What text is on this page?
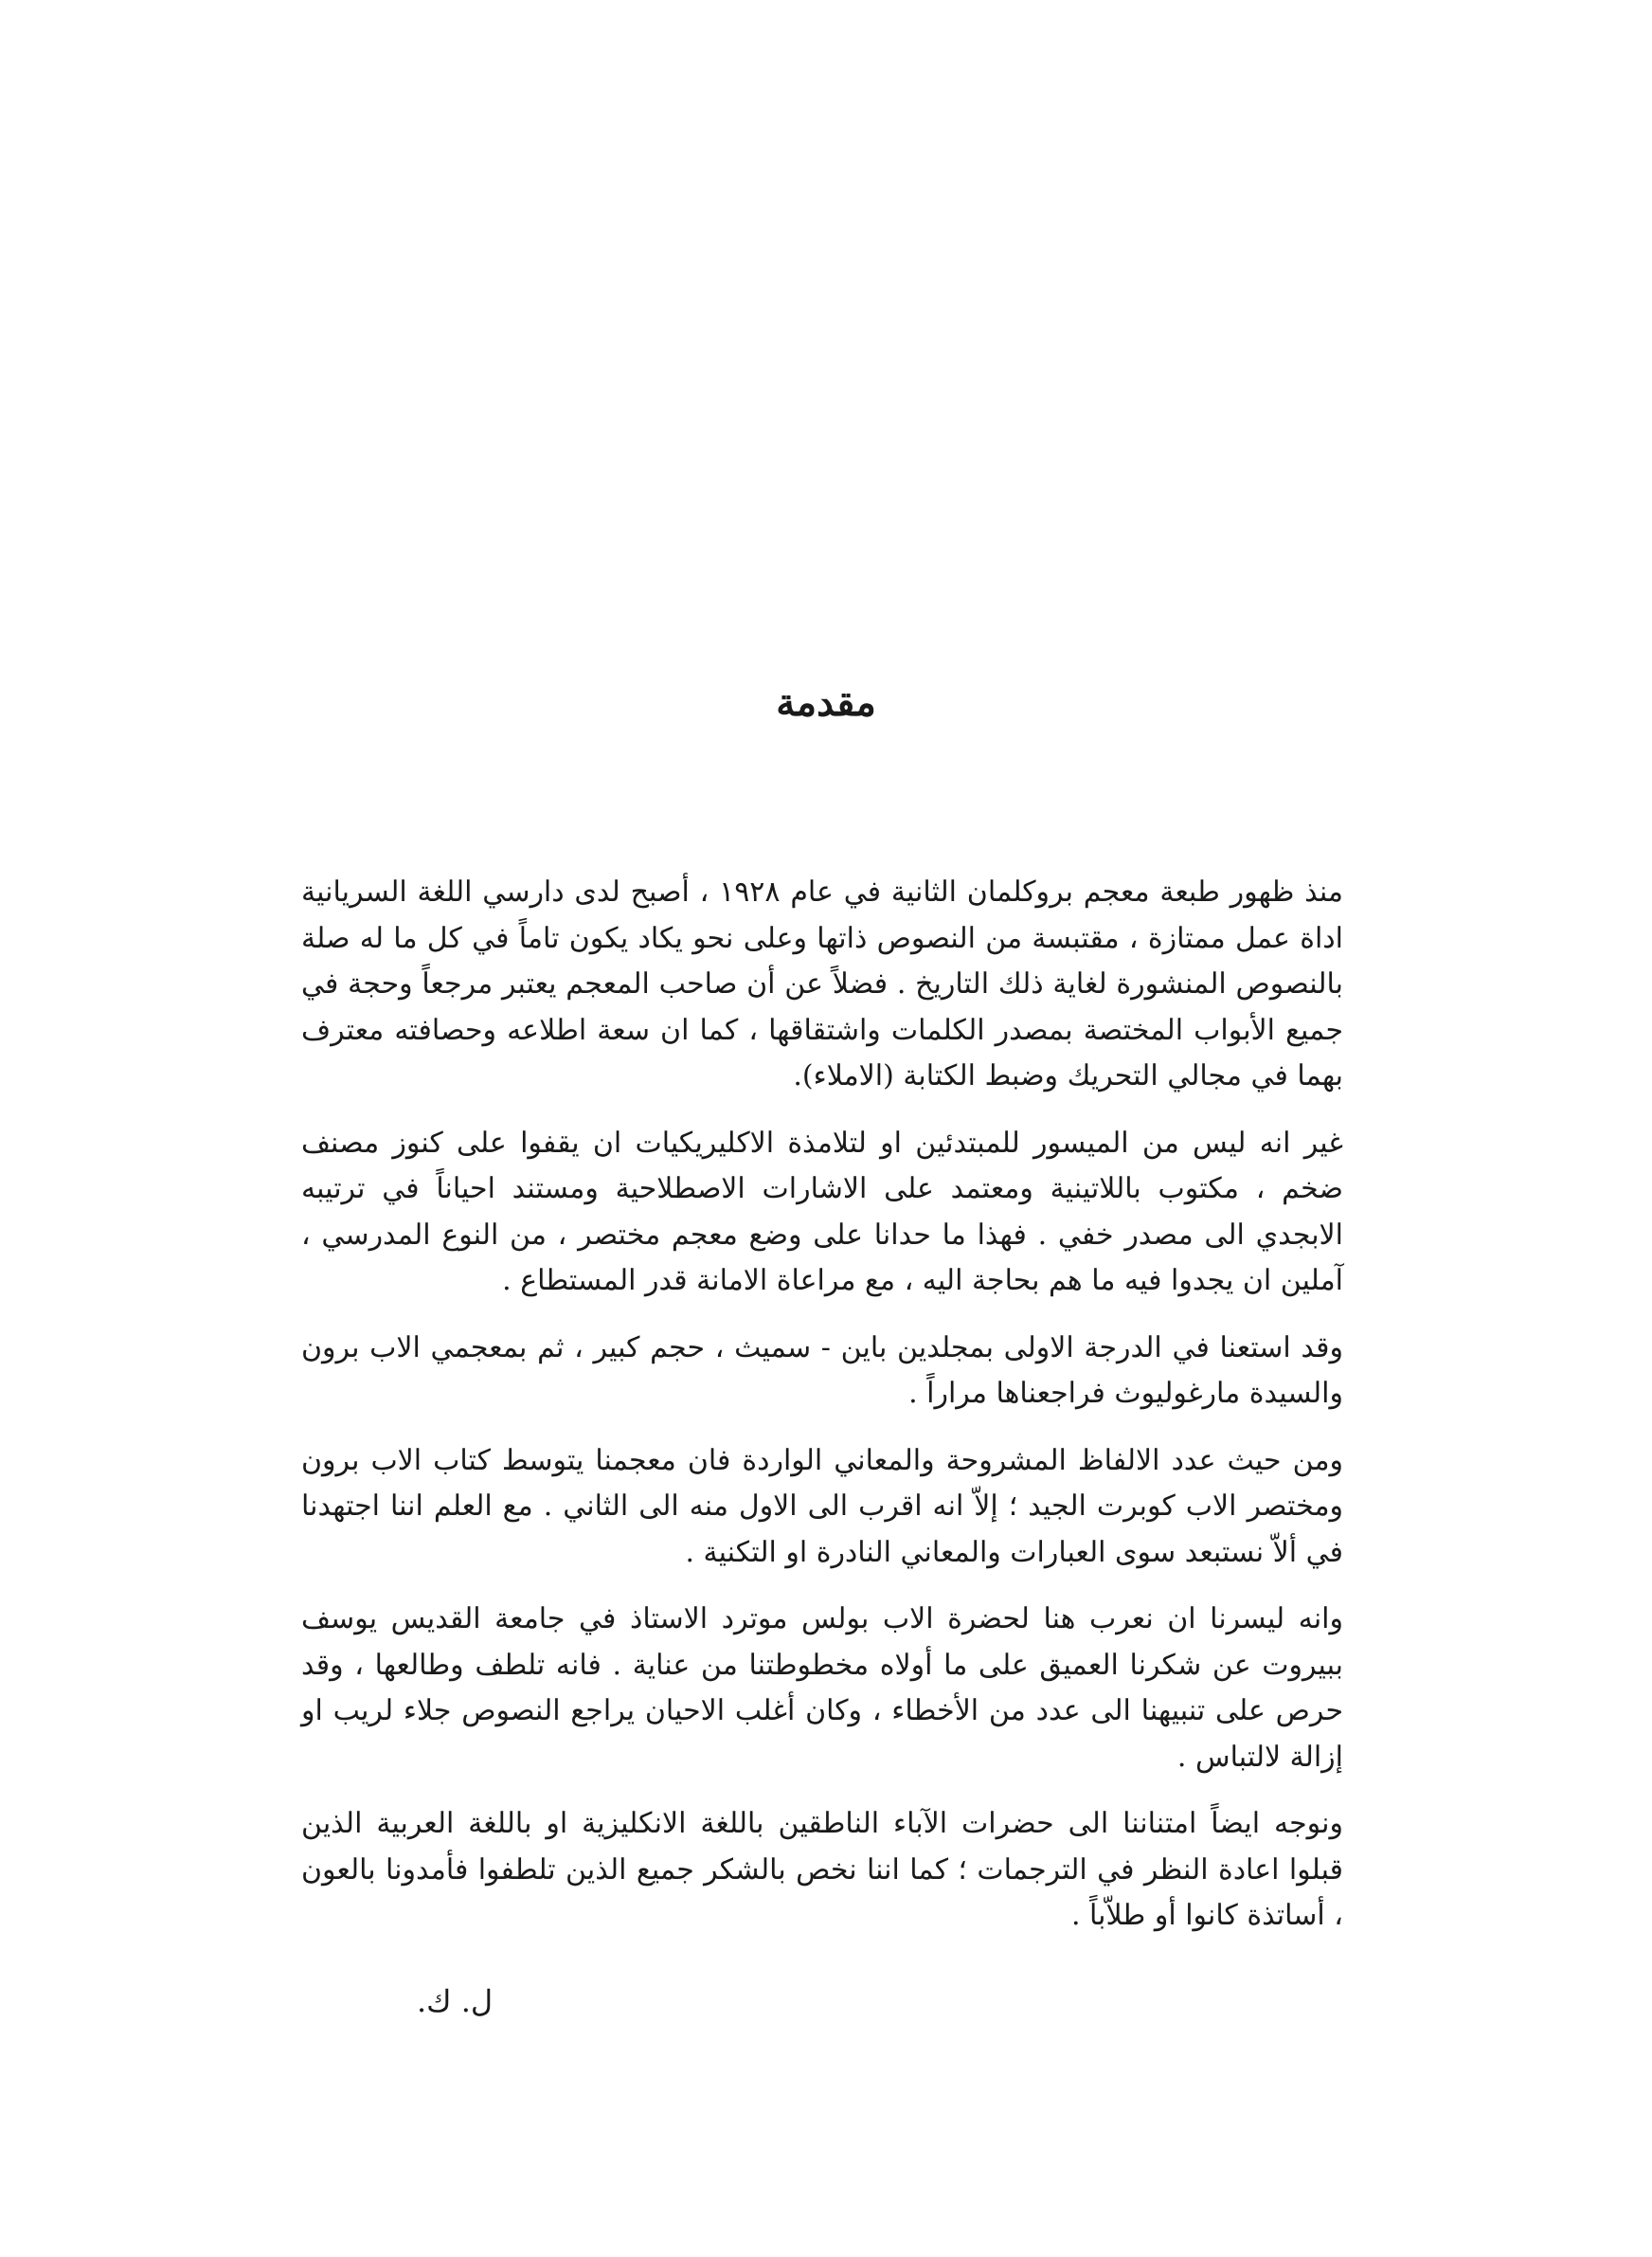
مقدمة

منذ ظهور طبعة معجم بروكلمان الثانية في عام ١٩٢٨ ، أصبح لدى دارسي اللغة السريانية اداة عمل ممتازة ، مقتبسة من النصوص ذاتها وعلى نحو يكاد يكون تاماً في كل ما له صلة بالنصوص المنشورة لغاية ذلك التاريخ . فضلاً عن أن صاحب المعجم يعتبر مرجعاً وحجة في جميع الأبواب المختصة بمصدر الكلمات واشتقاقها ، كما ان سعة اطلاعه وحصافته معترف بهما في مجالي التحريك وضبط الكتابة (الاملاء).

غير انه ليس من الميسور للمبتدئين او لتلامذة الاكليريكيات ان يقفوا على كنوز مصنف ضخم ، مكتوب باللاتينية ومعتمد على الاشارات الاصطلاحية ومستند احياناً في ترتيبه الابجدي الى مصدر خفي . فهذا ما حدانا على وضع معجم مختصر ، من النوع المدرسي ، آملين ان يجدوا فيه ما هم بحاجة اليه ، مع مراعاة الامانة قدر المستطاع .

وقد استعنا في الدرجة الاولى بمجلدين باين - سميث ، حجم كبير ، ثم بمعجمي الاب برون والسيدة مارغوليوث فراجعناها مراراً .

ومن حيث عدد الالفاظ المشروحة والمعاني الواردة فان معجمنا يتوسط كتاب الاب برون ومختصر الاب كوبرت الجيد ؛ إلاّ انه اقرب الى الاول منه الى الثاني . مع العلم اننا اجتهدنا في ألاّ نستبعد سوى العبارات والمعاني النادرة او التكنية .

وانه ليسرنا ان نعرب هنا لحضرة الاب بولس موترد الاستاذ في جامعة القديس يوسف ببيروت عن شكرنا العميق على ما أولاه مخطوطتنا من عناية . فانه تلطف وطالعها ، وقد حرص على تنبيهنا الى عدد من الأخطاء ، وكان أغلب الاحيان يراجع النصوص جلاء لريب او إزالة لالتباس .

ونوجه ايضاً امتناننا الى حضرات الآباء الناطقين باللغة الانكليزية او باللغة العربية الذين قبلوا اعادة النظر في الترجمات ؛ كما اننا نخص بالشكر جميع الذين تلطفوا فأمدونا بالعون ، أساتذة كانوا أو طلاّباً .

ل. ك.
